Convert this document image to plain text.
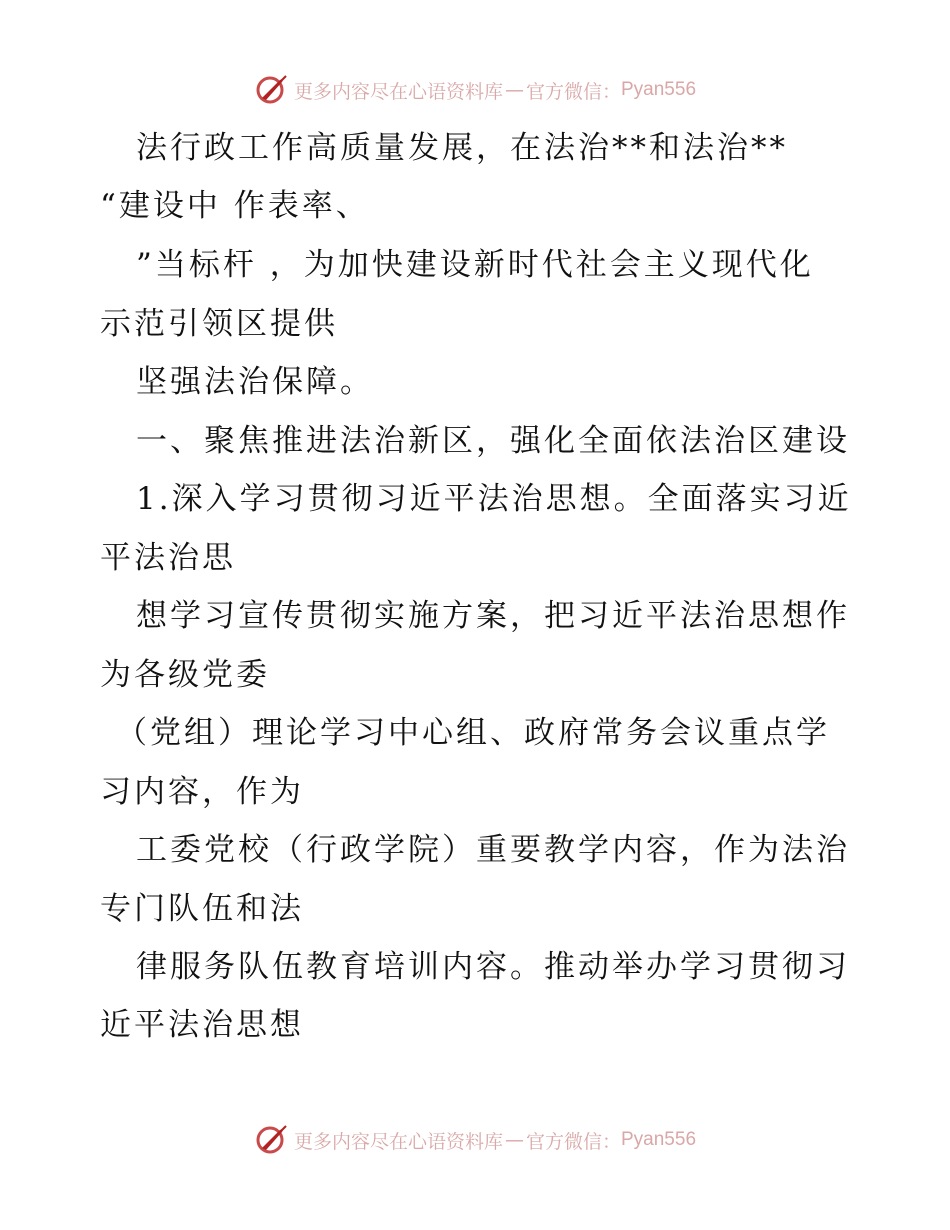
更多内容尽在心语资料库 — 官方微信： Pyan556
法行政工作高质量发展，在法治**和法治**
“建设中 作表率、
”当标杆 ，为加快建设新时代社会主义现代化
示范引领区提供
坚强法治保障。
一、聚焦推进法治新区，强化全面依法治区建设
1.深入学习贯彻习近平法治思想。全面落实习近
平法治思
想学习宣传贯彻实施方案，把习近平法治思想作
为各级党委
（党组）理论学习中心组、政府常务会议重点学
习内容，作为
工委党校（行政学院）重要教学内容，作为法治
专门队伍和法
律服务队伍教育培训内容。推动举办学习贯彻习
近平法治思想
更多内容尽在心语资料库 — 官方微信： Pyan556
